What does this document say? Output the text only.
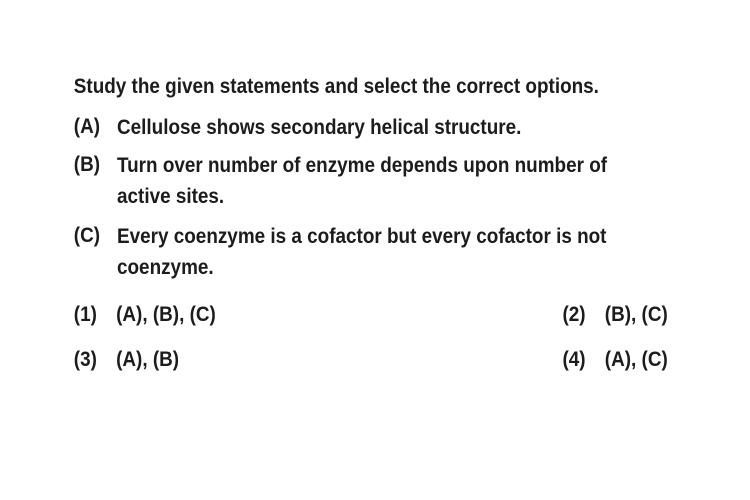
Study the given statements and select the correct options.
(A) Cellulose shows secondary helical structure.
(B) Turn over number of enzyme depends upon number of active sites.
(C) Every coenzyme is a cofactor but every cofactor is not coenzyme.
(1) (A), (B), (C)	(2) (B), (C)
(3) (A), (B)	(4) (A), (C)
